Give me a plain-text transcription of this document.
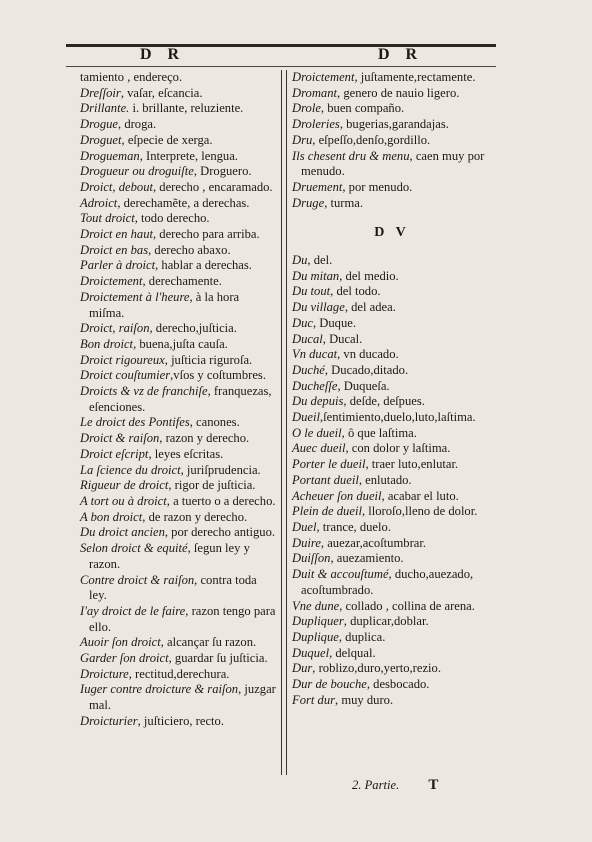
D R	D R

tamiento , endereço.

Dreſſoir, vaſar, eſcancia.

Drillante. i. brillante, reluziente.

Drogue, droga.

Droguet, eſpecie de xerga.

Drogueman, Interprete, lengua.

Drogueur ou droguiſte, Droguero.

Droict, debout, derecho , encaramado.

Adroict, derechamẽte, a derechas.

Tout droict, todo derecho.

Droict en haut, derecho para arriba.

Droict en bas, derecho abaxo.

Parler à droict, hablar a derechas.

Droictement, derechamente.

Droictement à l'heure, à la hora miſma.

Droict, raiſon, derecho,juſticia.

Bon droict, buena,juſta cauſa.

Droict rigoureux, juſticia riguroſa.

Droict couſtumier,vſos y coſtumbres.

Droicts & vz de franchiſe, franquezas, eſenciones.

Le droict des Pontifes, canones.

Droict & raiſon, razon y derecho.

Droict eſcript, leyes eſcritas.

La ſcience du droict, juriſprudencia.

Rigueur de droict, rigor de juſticia.

A tort ou à droict, a tuerto o a derecho.

A bon droict, de razon y derecho.

Du droict ancien, por derecho antiguo.

Selon droict & equité, ſegun ley y razon.

Contre droict & raiſon, contra toda ley.

I'ay droict de le faire, razon tengo para ello.

Auoir ſon droict, alcançar ſu razon.

Garder ſon droict, guardar ſu juſticia.

Droicture, rectitud,derechura.

Iuger contre droicture & raiſon, juzgar mal.

Droicturier, juſticiero, recto.

Droictement, juſtamente,rectamente.

Dromant, genero de nauio ligero.

Drole, buen compaño.

Droleries, bugerias,garandajas.

Dru, eſpeſſo,denſo,gordillo.

Ils chesent dru & menu, caen muy por menudo.

Druement, por menudo.

Druge, turma.

D V

Du, del.

Du mitan, del medio.

Du tout, del todo.

Du village, del adea.

Duc, Duque.

Ducal, Ducal.

Vn ducat, vn ducado.

Duché, Ducado,ditado.

Ducheſſe, Duqueſa.

Du depuis, deſde, deſpues.

Dueil,ſentimiento,duelo,luto,laſtima.

O le dueil, ô que laſtima.

Auec dueil, con dolor y laſtima.

Porter le dueil, traer luto,enlutar.

Portant dueil, enlutado.

Acheuer ſon dueil, acabar el luto.

Plein de dueil, lloroſo,lleno de dolor.

Duel, trance, duelo.

Duire, auezar,acoſtumbrar.

Duiſſon, auezamiento.

Duit & accouſtumé, ducho,auezado, acoſtumbrado.

Vne dune, collado , collina de arena.

Dupliquer, duplicar,doblar.

Duplique, duplica.

Duquel, delqual.

Dur, roblizo,duro,yerto,rezio.

Dur de bouche, desbocado.

Fort dur, muy duro.

2. Partie. T
